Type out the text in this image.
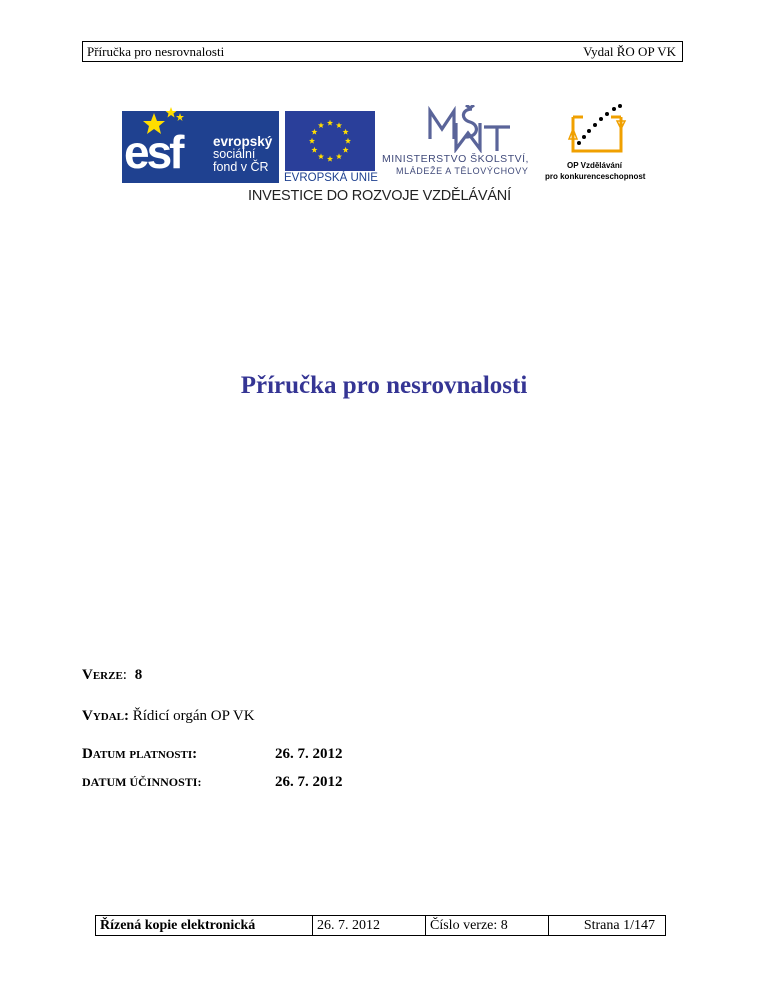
Příručka pro nesrovnalosti	Vydal ŘO OP VK
esf evropský
sociální
fond v ČR
EVROPSKÁ UNIE
MINISTERSTVO ŠKOLSTVÍ,
MLÁDEŽE A TĚLOVÝCHOVY
OP Vzdělávání
pro konkurenceschopnost
INVESTICE DO ROZVOJE VZDĚLÁVÁNÍ
Příručka pro nesrovnalosti
Verze: 8
Vydal: Řídicí orgán OP VK
Datum platnosti:	26. 7. 2012
DATUM ÚČINNOSTI:	26. 7. 2012
Řízená kopie elektronická	26. 7. 2012	Číslo verze: 8	Strana 1/147
